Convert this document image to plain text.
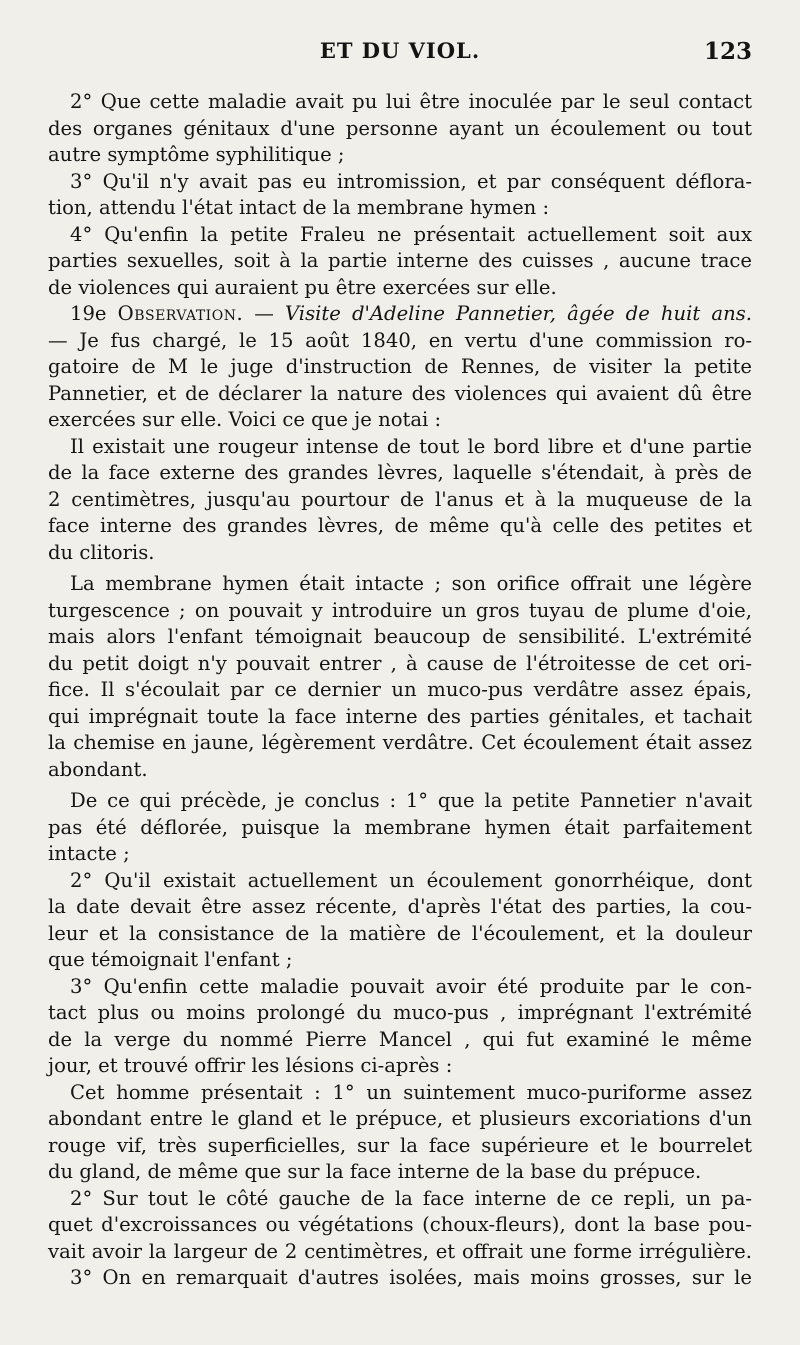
ET DU VIOL.	123
2° Que cette maladie avait pu lui être inoculée par le seul contact
des organes génitaux d'une personne ayant un écoulement ou tout
autre symptôme syphilitique ;
3° Qu'il n'y avait pas eu intromission, et par conséquent déflora-
tion, attendu l'état intact de la membrane hymen :
4° Qu'enfin la petite Fraleu ne présentait actuellement soit aux
parties sexuelles, soit à la partie interne des cuisses , aucune trace
de violences qui auraient pu être exercées sur elle.
19e Observation. — Visite d'Adeline Pannetier, âgée de huit ans.
— Je fus chargé, le 15 août 1840, en vertu d'une commission ro-
gatoire de M le juge d'instruction de Rennes, de visiter la petite
Pannetier, et de déclarer la nature des violences qui avaient dû être
exercées sur elle. Voici ce que je notai :
Il existait une rougeur intense de tout le bord libre et d'une partie
de la face externe des grandes lèvres, laquelle s'étendait, à près de
2 centimètres, jusqu'au pourtour de l'anus et à la muqueuse de la
face interne des grandes lèvres, de même qu'à celle des petites et
du clitoris.
La membrane hymen était intacte ; son orifice offrait une légère
turgescence ; on pouvait y introduire un gros tuyau de plume d'oie,
mais alors l'enfant témoignait beaucoup de sensibilité. L'extrémité
du petit doigt n'y pouvait entrer , à cause de l'étroitesse de cet ori-
fice. Il s'écoulait par ce dernier un muco-pus verdâtre assez épais,
qui imprégnait toute la face interne des parties génitales, et tachait
la chemise en jaune, légèrement verdâtre. Cet écoulement était assez
abondant.
De ce qui précède, je conclus : 1° que la petite Pannetier n'avait
pas été déflorée, puisque la membrane hymen était parfaitement
intacte ;
2° Qu'il existait actuellement un écoulement gonorrhéique, dont
la date devait être assez récente, d'après l'état des parties, la cou-
leur et la consistance de la matière de l'écoulement, et la douleur
que témoignait l'enfant ;
3° Qu'enfin cette maladie pouvait avoir été produite par le con-
tact plus ou moins prolongé du muco-pus , imprégnant l'extrémité
de la verge du nommé Pierre Mancel , qui fut examiné le même
jour, et trouvé offrir les lésions ci-après :
Cet homme présentait : 1° un suintement muco-puriforme assez
abondant entre le gland et le prépuce, et plusieurs excoriations d'un
rouge vif, très superficielles, sur la face supérieure et le bourrelet
du gland, de même que sur la face interne de la base du prépuce.
2° Sur tout le côté gauche de la face interne de ce repli, un pa-
quet d'excroissances ou végétations (choux-fleurs), dont la base pou-
vait avoir la largeur de 2 centimètres, et offrait une forme irrégulière.
3° On en remarquait d'autres isolées, mais moins grosses, sur le
